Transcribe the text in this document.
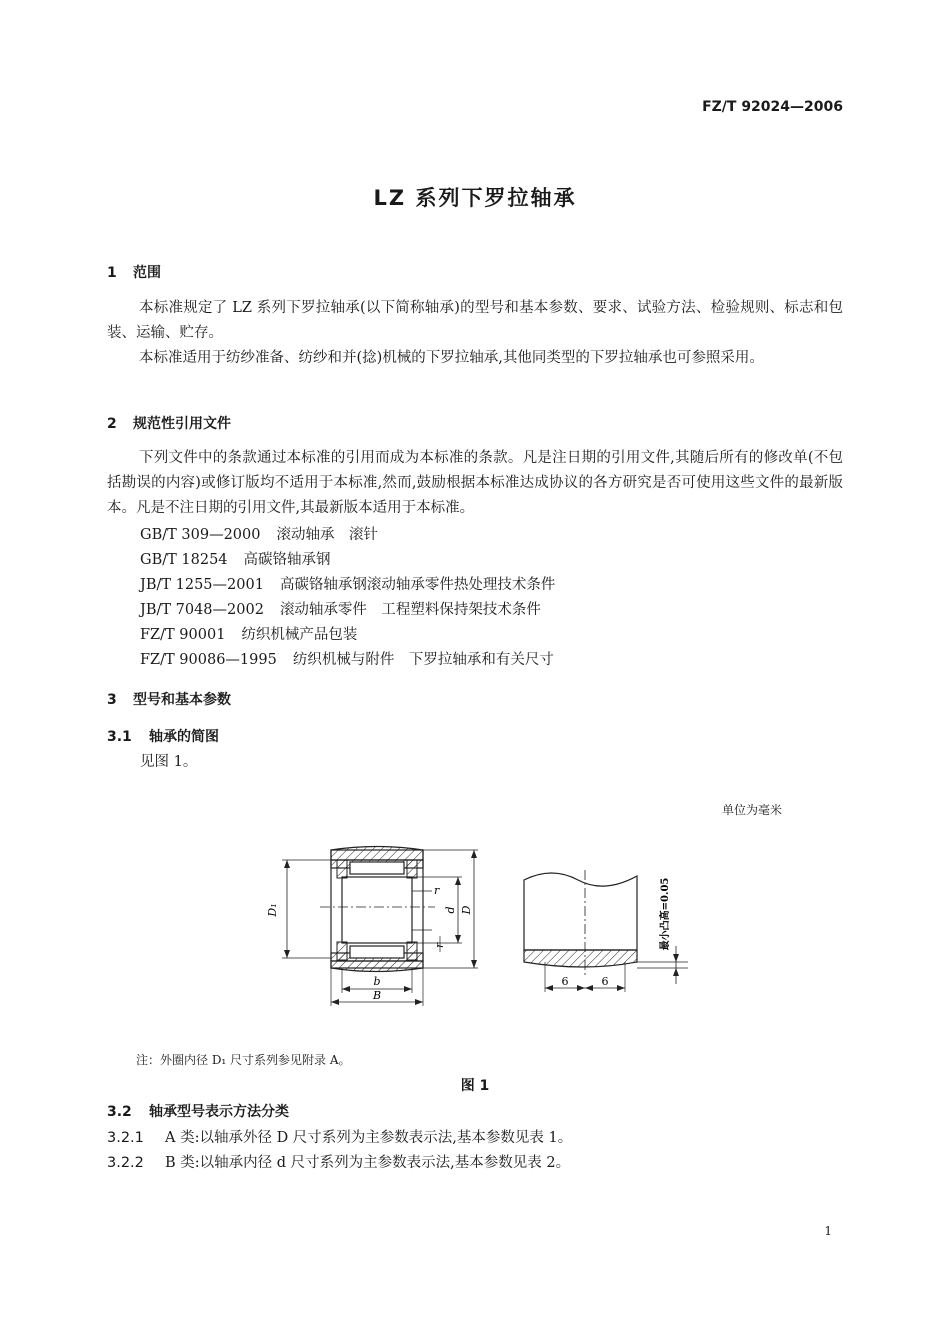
FZ/T 92024—2006
LZ 系列下罗拉轴承
1 范围
本标准规定了 LZ 系列下罗拉轴承(以下简称轴承)的型号和基本参数、要求、试验方法、检验规则、标志和包装、运输、贮存。
本标准适用于纺纱准备、纺纱和并(捻)机械的下罗拉轴承,其他同类型的下罗拉轴承也可参照采用。
2 规范性引用文件
下列文件中的条款通过本标准的引用而成为本标准的条款。凡是注日期的引用文件,其随后所有的修改单(不包括勘误的内容)或修订版均不适用于本标准,然而,鼓励根据本标准达成协议的各方研究是否可使用这些文件的最新版本。凡是不注日期的引用文件,其最新版本适用于本标准。
GB/T 309—2000 滚动轴承　滚针
GB/T 18254 高碳铬轴承钢
JB/T 1255—2001 高碳铬轴承钢滚动轴承零件热处理技术条件
JB/T 7048—2002 滚动轴承零件　工程塑料保持架技术条件
FZ/T 90001 纺织机械产品包装
FZ/T 90086—1995 纺织机械与附件　下罗拉轴承和有关尺寸
3 型号和基本参数
3.1 轴承的简图
见图 1。
单位为毫米
D₁
r
r
d D
b
B
6	6
最小凸高=0.05
注：外圈内径 D₁ 尺寸系列参见附录 A。
图 1
3.2 轴承型号表示方法分类
3.2.1 A 类:以轴承外径 D 尺寸系列为主参数表示法,基本参数见表 1。
3.2.2 B 类:以轴承内径 d 尺寸系列为主参数表示法,基本参数见表 2。
1
